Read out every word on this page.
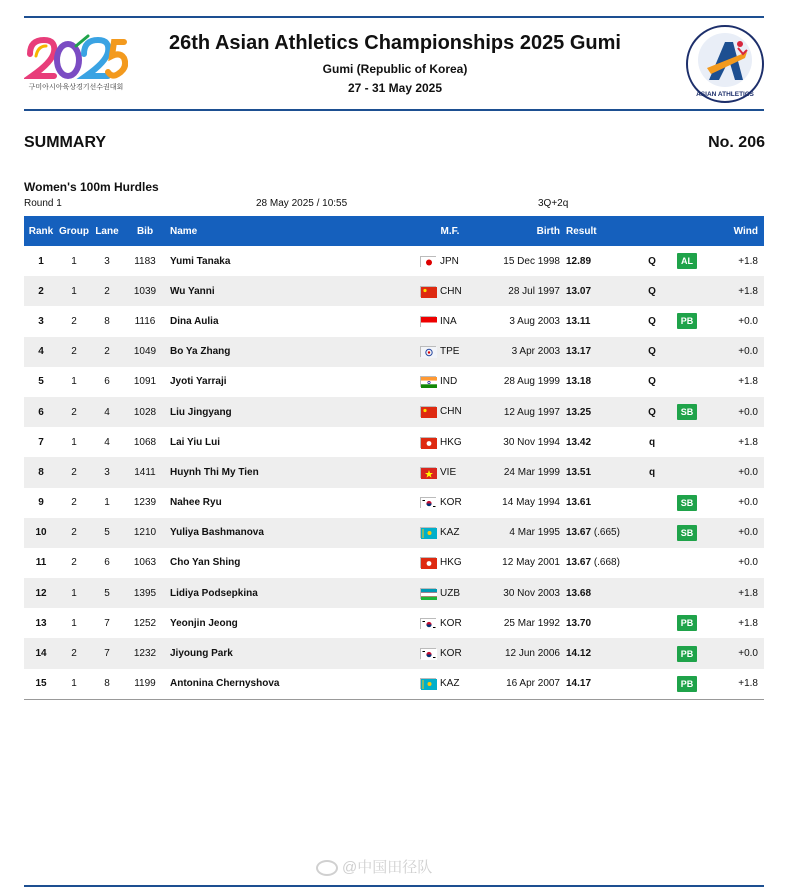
구미아시아육상경기선수권대회
26th Asian Athletics Championships 2025 Gumi
Gumi (Republic of Korea)
27 - 31 May 2025	ASIAN ATHLETICS
SUMMARY	No. 206
Women's 100m Hurdles
Round 1	28 May 2025 / 10:55	3Q+2q
Rank	Group	Lane	Bib	Name	M.F.	Birth	Result			Wind
1	1	3	1183	Yumi Tanaka	JPN	15 Dec 1998	12.89	Q	AL	+1.8
2	1	2	1039	Wu Yanni	CHN	28 Jul 1997	13.07	Q		+1.8
3	2	8	1116	Dina Aulia	INA	3 Aug 2003	13.11	Q	PB	+0.0
4	2	2	1049	Bo Ya Zhang	TPE	3 Apr 2003	13.17	Q		+0.0
5	1	6	1091	Jyoti Yarraji	IND	28 Aug 1999	13.18	Q		+1.8
6	2	4	1028	Liu Jingyang	CHN	12 Aug 1997	13.25	Q	SB	+0.0
7	1	4	1068	Lai Yiu Lui	HKG	30 Nov 1994	13.42	q		+1.8
8	2	3	1411	Huynh Thi My Tien	VIE	24 Mar 1999	13.51	q		+0.0
9	2	1	1239	Nahee Ryu	KOR	14 May 1994	13.61		SB	+0.0
10	2	5	1210	Yuliya Bashmanova	KAZ	4 Mar 1995	13.67 (.665)		SB	+0.0
11	2	6	1063	Cho Yan Shing	HKG	12 May 2001	13.67 (.668)			+0.0
12	1	5	1395	Lidiya Podsepkina	UZB	30 Nov 2003	13.68			+1.8
13	1	7	1252	Yeonjin Jeong	KOR	25 Mar 1992	13.70		PB	+1.8
14	2	7	1232	Jiyoung Park	KOR	12 Jun 2006	14.12		PB	+0.0
15	1	8	1199	Antonina Chernyshova	KAZ	16 Apr 2007	14.17		PB	+1.8
@中国田径队
